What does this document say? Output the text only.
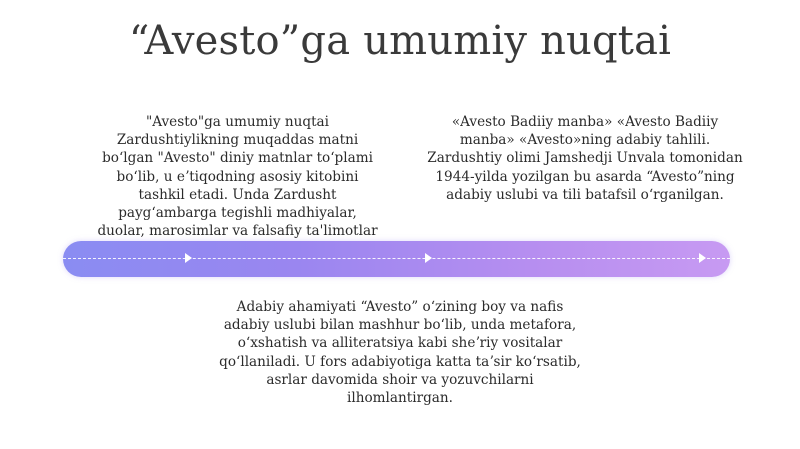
“Avesto”ga umumiy nuqtai
"Avesto"ga umumiy nuqtai Zardushtiylikning muqaddas matni boʻlgan "Avesto" diniy matnlar toʻplami boʻlib, u eʼtiqodning asosiy kitobini tashkil etadi. Unda Zardusht paygʻambarga tegishli madhiyalar, duolar, marosimlar va falsafiy ta'limotlar
«Avesto Badiiy manba» «Avesto Badiiy manba» «Avesto»ning adabiy tahlili. Zardushtiy olimi Jamshedji Unvala tomonidan 1944-yilda yozilgan bu asarda “Avesto”ning adabiy uslubi va tili batafsil oʻrganilgan.
Adabiy ahamiyati “Avesto” oʻzining boy va nafis adabiy uslubi bilan mashhur boʻlib, unda metafora, oʻxshatish va alliteratsiya kabi sheʼriy vositalar qoʻllaniladi. U fors adabiyotiga katta taʼsir koʻrsatib, asrlar davomida shoir va yozuvchilarni ilhomlantirgan.
